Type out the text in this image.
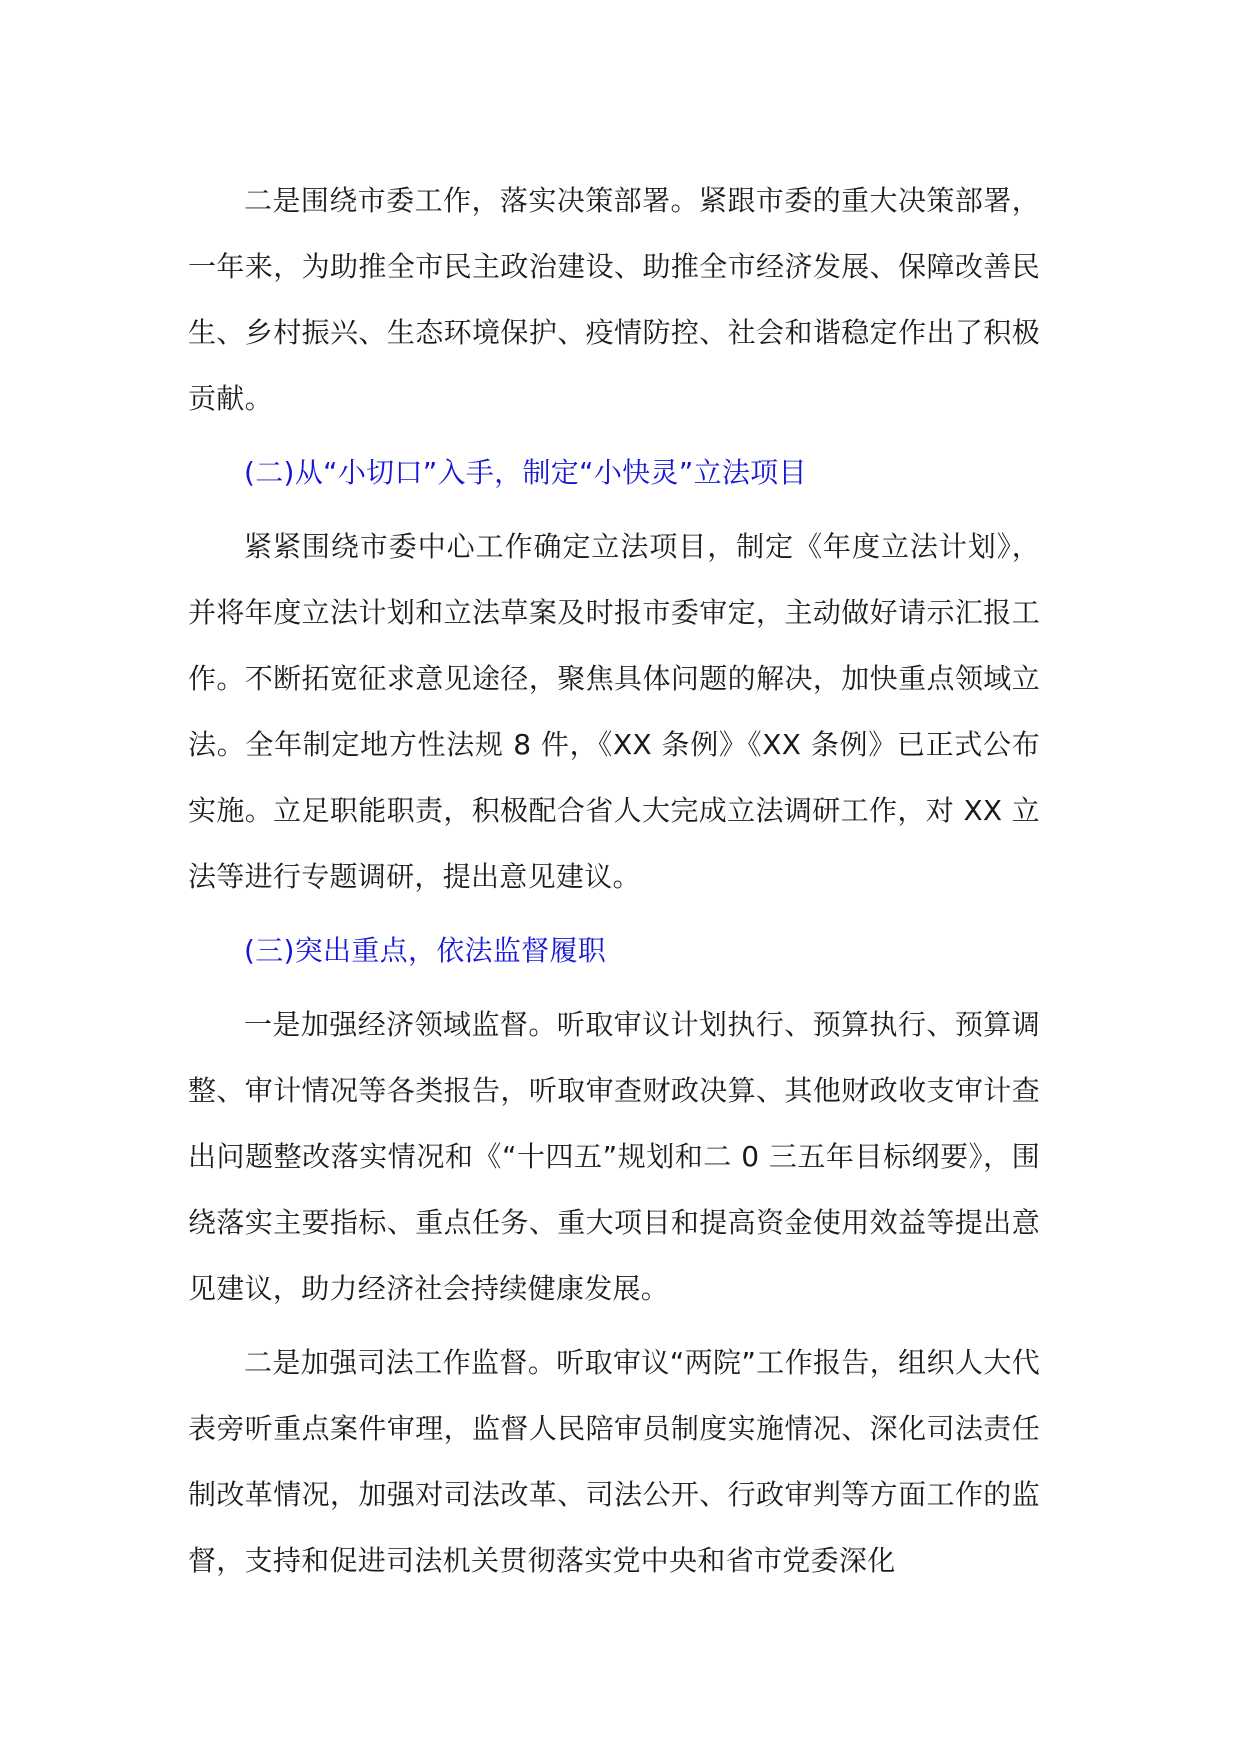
二是围绕市委工作，落实决策部署。紧跟市委的重大决策部署，一年来，为助推全市民主政治建设、助推全市经济发展、保障改善民生、乡村振兴、生态环境保护、疫情防控、社会和谐稳定作出了积极贡献。

(二)从“小切口”入手，制定“小快灵”立法项目

紧紧围绕市委中心工作确定立法项目，制定《年度立法计划》，并将年度立法计划和立法草案及时报市委审定，主动做好请示汇报工作。不断拓宽征求意见途径，聚焦具体问题的解决，加快重点领域立法。全年制定地方性法规 8 件，《XX 条例》《XX 条例》已正式公布实施。立足职能职责，积极配合省人大完成立法调研工作，对 XX 立法等进行专题调研，提出意见建议。

(三)突出重点，依法监督履职

一是加强经济领域监督。听取审议计划执行、预算执行、预算调整、审计情况等各类报告，听取审查财政决算、其他财政收支审计查出问题整改落实情况和《“十四五”规划和二 0 三五年目标纲要》，围绕落实主要指标、重点任务、重大项目和提高资金使用效益等提出意见建议，助力经济社会持续健康发展。

二是加强司法工作监督。听取审议“两院”工作报告，组织人大代表旁听重点案件审理，监督人民陪审员制度实施情况、深化司法责任制改革情况，加强对司法改革、司法公开、行政审判等方面工作的监督，支持和促进司法机关贯彻落实党中央和省市党委深化
